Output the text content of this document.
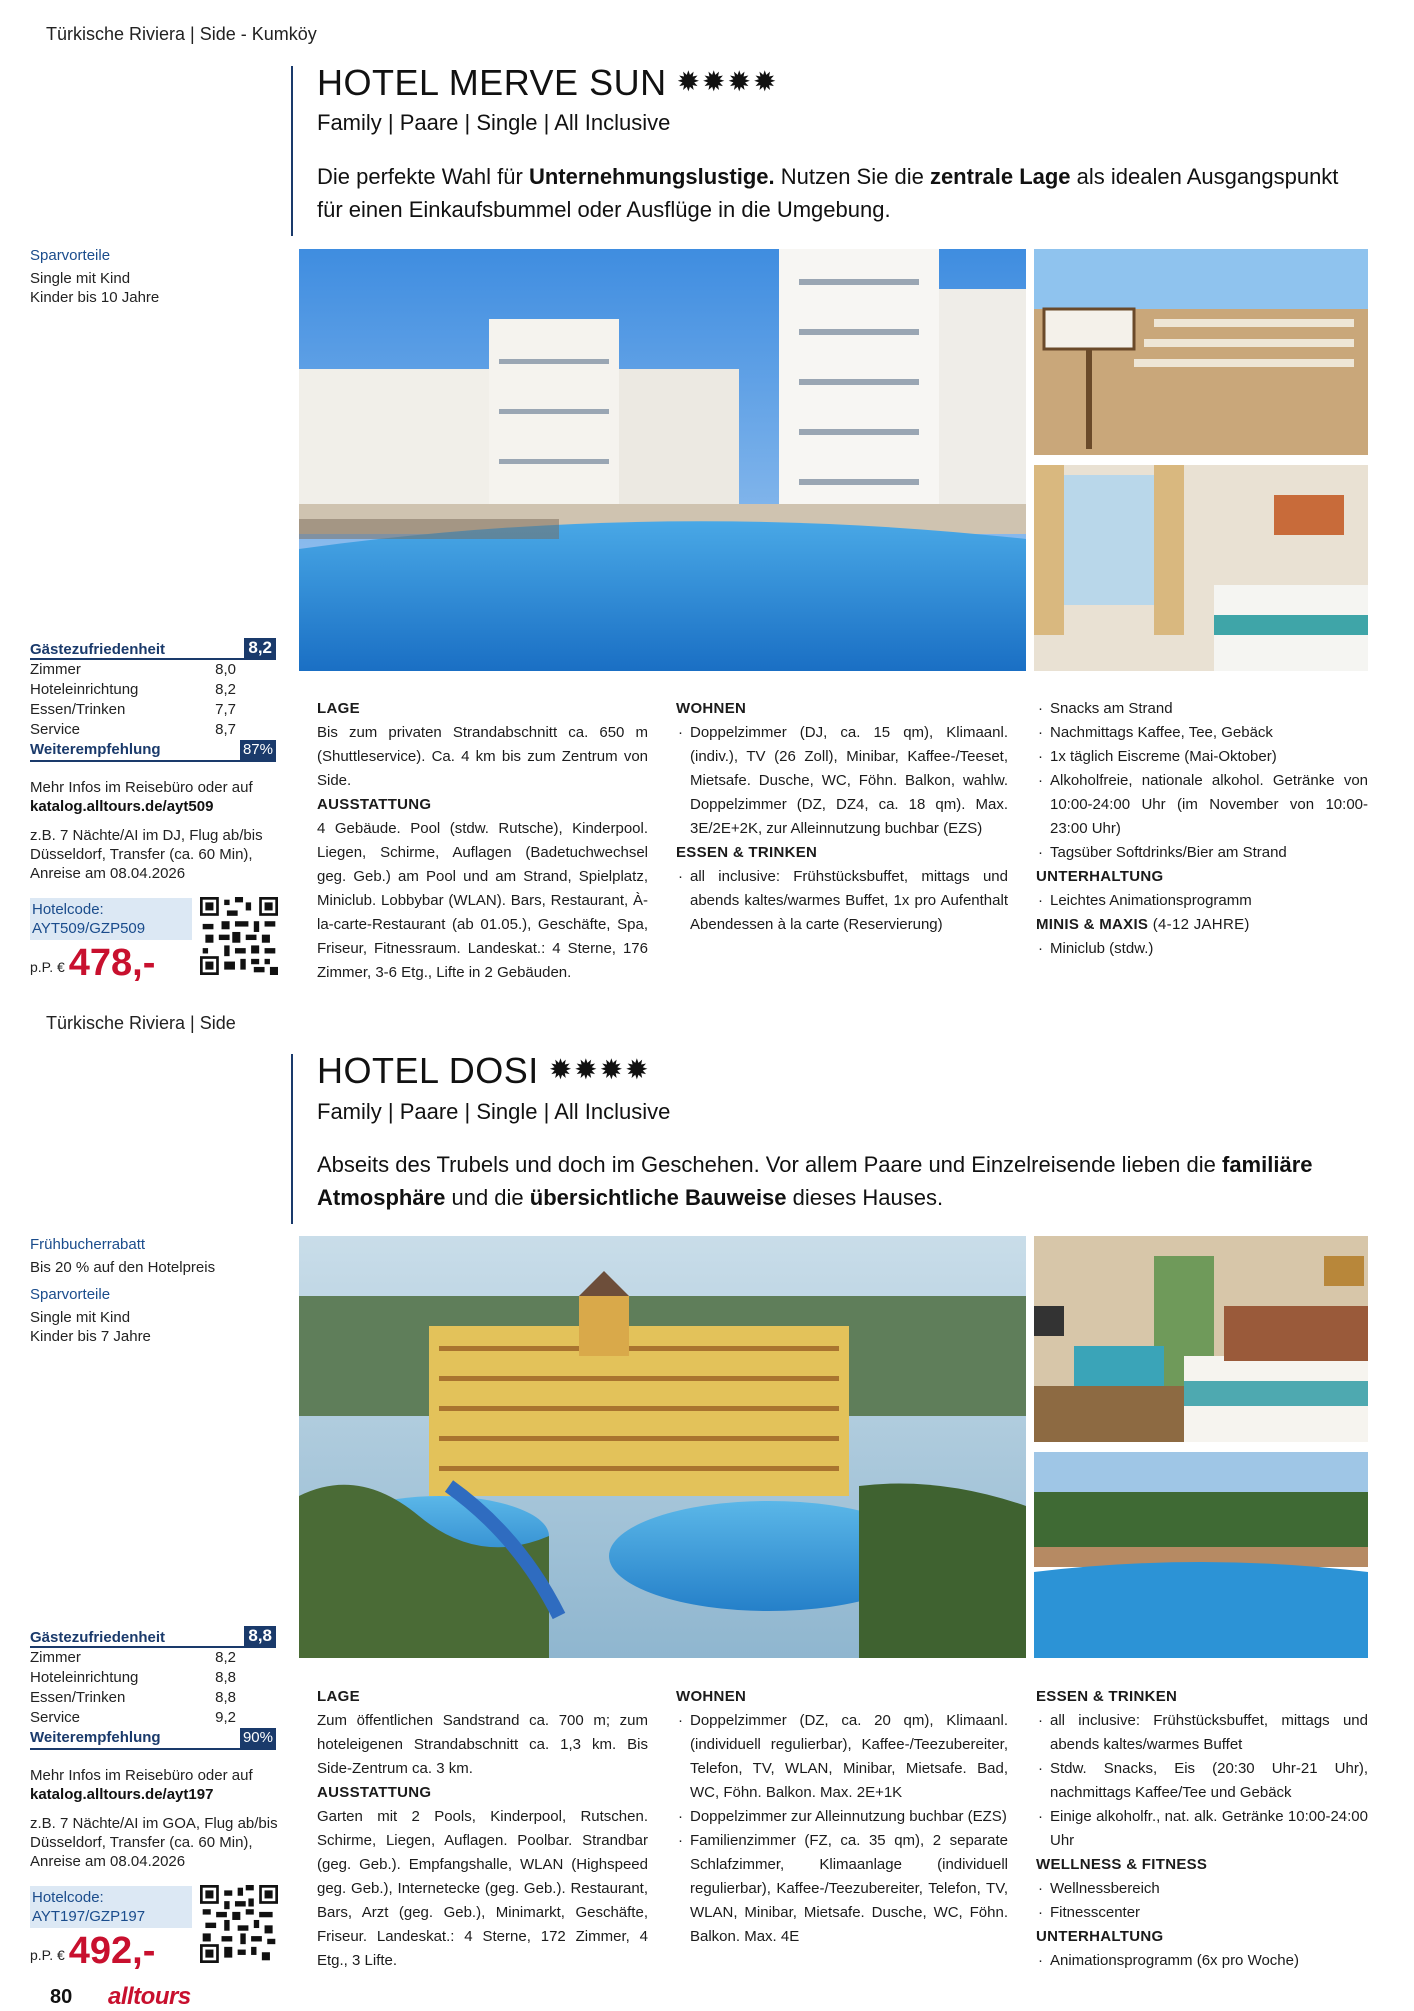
Türkische Riviera | Side - Kumköy
HOTEL MERVE SUN ✹✹✹✹
Family | Paare | Single | All Inclusive
Die perfekte Wahl für Unternehmungslustige. Nutzen Sie die zentrale Lage als idealen Ausgangspunkt für einen Einkaufsbummel oder Ausflüge in die Umgebung.
Sparvorteile
Single mit Kind
Kinder bis 10 Jahre
Gästezufriedenheit	8,2
Zimmer	8,0
Hoteleinrichtung	8,2
Essen/Trinken	7,7
Service	8,7
Weiterempfehlung	87%
Mehr Infos im Reisebüro oder auf
katalog.alltours.de/ayt509
z.B. 7 Nächte/AI im DJ, Flug ab/bis Düsseldorf, Transfer (ca. 60 Min), Anreise am 08.04.2026
Hotelcode:
AYT509/GZP509
p.P. € 478,-
LAGE

Bis zum privaten Strandabschnitt ca. 650 m (Shuttleservice). Ca. 4 km bis zum Zentrum von Side.

AUSSTATTUNG

4 Gebäude. Pool (stdw. Rutsche), Kinderpool. Liegen, Schirme, Auflagen (Badetuchwechsel geg. Geb.) am Pool und am Strand, Spielplatz, Miniclub. Lobbybar (WLAN). Bars, Restaurant, À-la-carte-Restaurant (ab 01.05.), Geschäfte, Spa, Friseur, Fitnessraum. Landeskat.: 4 Sterne, 176 Zimmer, 3-6 Etg., Lifte in 2 Gebäuden.

WOHNEN
· Doppelzimmer (DJ, ca. 15 qm), Klimaanl. (indiv.), TV (26 Zoll), Minibar, Kaffee-/Teeset, Mietsafe. Dusche, WC, Föhn. Balkon, wahlw. Doppelzimmer (DZ, DZ4, ca. 18 qm). Max. 3E/2E+2K, zur Alleinnutzung buchbar (EZS)
ESSEN & TRINKEN
· all inclusive: Frühstücksbuffet, mittags und abends kaltes/warmes Buffet, 1x pro Aufenthalt Abendessen à la carte (Reservierung)
· Snacks am Strand
· Nachmittags Kaffee, Tee, Gebäck
· 1x täglich Eiscreme (Mai-Oktober)
· Alkoholfreie, nationale alkohol. Getränke von 10:00-24:00 Uhr (im November von 10:00-23:00 Uhr)
· Tagsüber Softdrinks/Bier am Strand
UNTERHALTUNG
· Leichtes Animationsprogramm
MINIS & MAXIS (4-12 JAHRE)
· Miniclub (stdw.)
Türkische Riviera | Side
HOTEL DOSI ✹✹✹✹
Family | Paare | Single | All Inclusive
Abseits des Trubels und doch im Geschehen. Vor allem Paare und Einzelreisende lieben die familiäre Atmosphäre und die übersichtliche Bauweise dieses Hauses.
Frühbucherrabatt
Bis 20 % auf den Hotelpreis
Sparvorteile
Single mit Kind
Kinder bis 7 Jahre
Gästezufriedenheit	8,8
Zimmer	8,2
Hoteleinrichtung	8,8
Essen/Trinken	8,8
Service	9,2
Weiterempfehlung	90%
Mehr Infos im Reisebüro oder auf
katalog.alltours.de/ayt197
z.B. 7 Nächte/AI im GOA, Flug ab/bis Düsseldorf, Transfer (ca. 60 Min), Anreise am 08.04.2026
Hotelcode:
AYT197/GZP197
p.P. € 492,-
LAGE

Zum öffentlichen Sandstrand ca. 700 m; zum hoteleigenen Strandabschnitt ca. 1,3 km. Bis Side-Zentrum ca. 3 km.

AUSSTATTUNG

Garten mit 2 Pools, Kinderpool, Rutschen. Schirme, Liegen, Auflagen. Poolbar. Strandbar (geg. Geb.). Empfangshalle, WLAN (Highspeed geg. Geb.), Internetecke (geg. Geb.). Restaurant, Bars, Arzt (geg. Geb.), Minimarkt, Geschäfte, Friseur. Landeskat.: 4 Sterne, 172 Zimmer, 4 Etg., 3 Lifte.

WOHNEN
· Doppelzimmer (DZ, ca. 20 qm), Klimaanl. (individuell regulierbar), Kaffee-/Teezubereiter, Telefon, TV, WLAN, Minibar, Mietsafe. Bad, WC, Föhn. Balkon. Max. 2E+1K
· Doppelzimmer zur Alleinnutzung buchbar (EZS)
· Familienzimmer (FZ, ca. 35 qm), 2 separate Schlafzimmer, Klimaanlage (individuell regulierbar), Kaffee-/Teezubereiter, Telefon, TV, WLAN, Minibar, Mietsafe. Dusche, WC, Föhn. Balkon. Max. 4E
ESSEN & TRINKEN
· all inclusive: Frühstücksbuffet, mittags und abends kaltes/warmes Buffet
· Stdw. Snacks, Eis (20:30 Uhr-21 Uhr), nachmittags Kaffee/Tee und Gebäck
· Einige alkoholfr., nat. alk. Getränke 10:00-24:00 Uhr
WELLNESS & FITNESS
· Wellnessbereich
· Fitnesscenter
UNTERHALTUNG
· Animationsprogramm (6x pro Woche)
80 alltours
